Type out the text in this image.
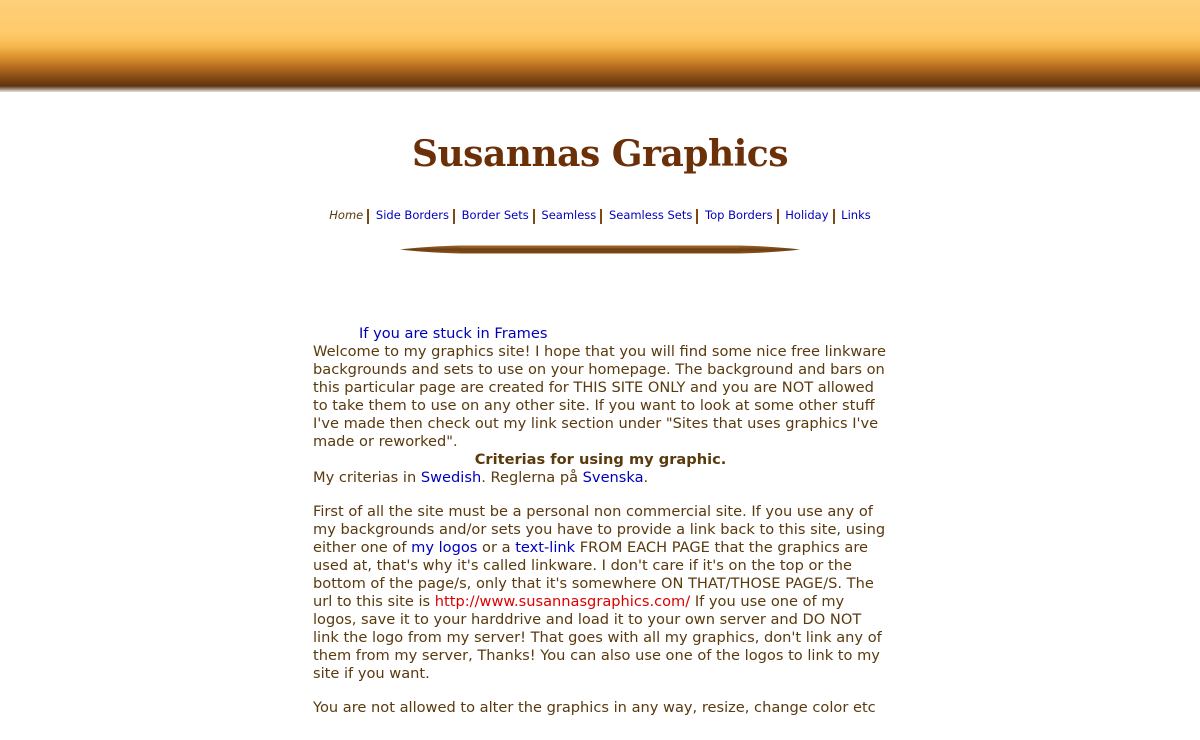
Susannas Graphics
Home Side Borders Border Sets Seamless Seamless Sets Top Borders Holiday Links
If you are stuck in Frames

Welcome to my graphics site! I hope that you will find some nice free linkware backgrounds and sets to use on your homepage. The background and bars on this particular page are created for THIS SITE ONLY and you are NOT allowed to take them to use on any other site. If you want to look at some other stuff I've made then check out my link section under "Sites that uses graphics I've made or reworked".

Criterias for using my graphic.

My criterias in Swedish. Reglerna på Svenska.

First of all the site must be a personal non commercial site. If you use any of my backgrounds and/or sets you have to provide a link back to this site, using either one of my logos or a text-link FROM EACH PAGE that the graphics are used at, that's why it's called linkware. I don't care if it's on the top or the bottom of the page/s, only that it's somewhere ON THAT/THOSE PAGE/S. The url to this site is http://www.susannasgraphics.com/ If you use one of my logos, save it to your harddrive and load it to your own server and DO NOT link the logo from my server! That goes with all my graphics, don't link any of them from my server, Thanks! You can also use one of the logos to link to my site if you want.

You are not allowed to alter the graphics in any way, resize, change color etc
